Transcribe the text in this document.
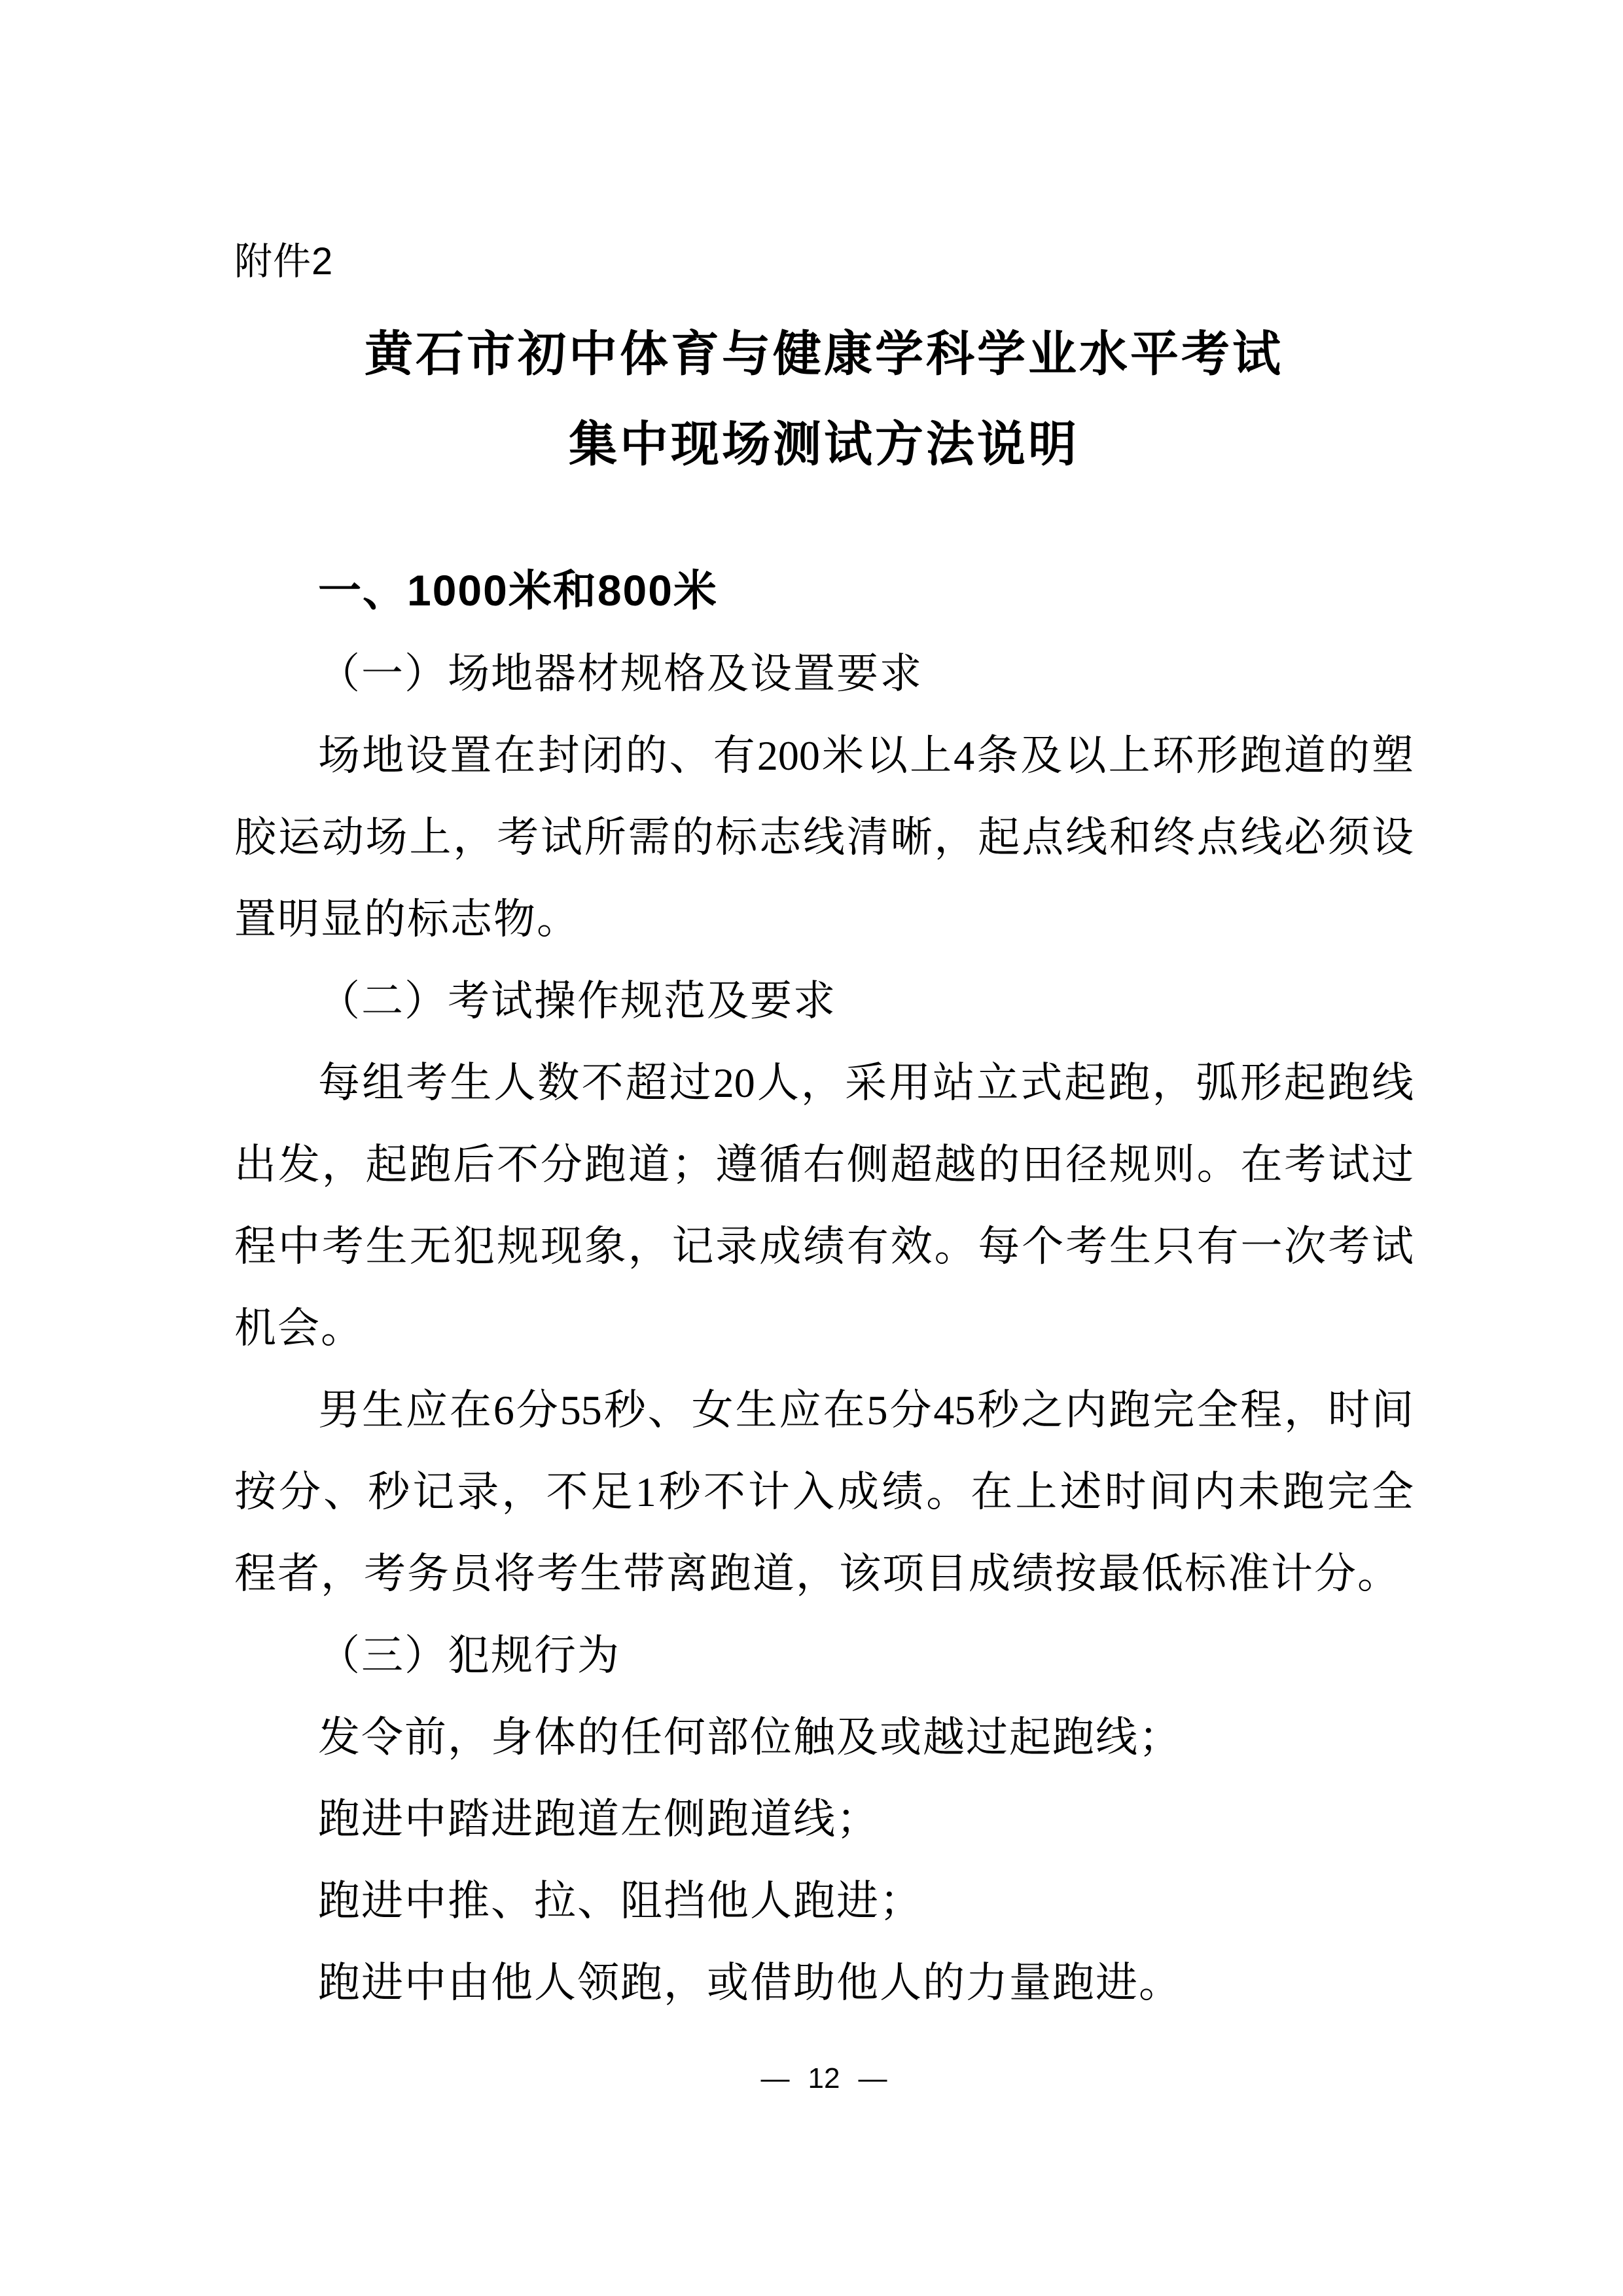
附件2
黄石市初中体育与健康学科学业水平考试
集中现场测试方法说明
一、1000米和800米
（一）场地器材规格及设置要求
场地设置在封闭的、有200米以上4条及以上环形跑道的塑
胶运动场上，考试所需的标志线清晰，起点线和终点线必须设
置明显的标志物。
（二）考试操作规范及要求
每组考生人数不超过20人，采用站立式起跑，弧形起跑线
出发，起跑后不分跑道；遵循右侧超越的田径规则。在考试过
程中考生无犯规现象，记录成绩有效。每个考生只有一次考试
机会。
男生应在6分55秒、女生应在5分45秒之内跑完全程，时间
按分、秒记录，不足1秒不计入成绩。在上述时间内未跑完全
程者，考务员将考生带离跑道，该项目成绩按最低标准计分。
（三）犯规行为
发令前，身体的任何部位触及或越过起跑线；
跑进中踏进跑道左侧跑道线；
跑进中推、拉、阻挡他人跑进；
跑进中由他人领跑，或借助他人的力量跑进。
— 12 —
